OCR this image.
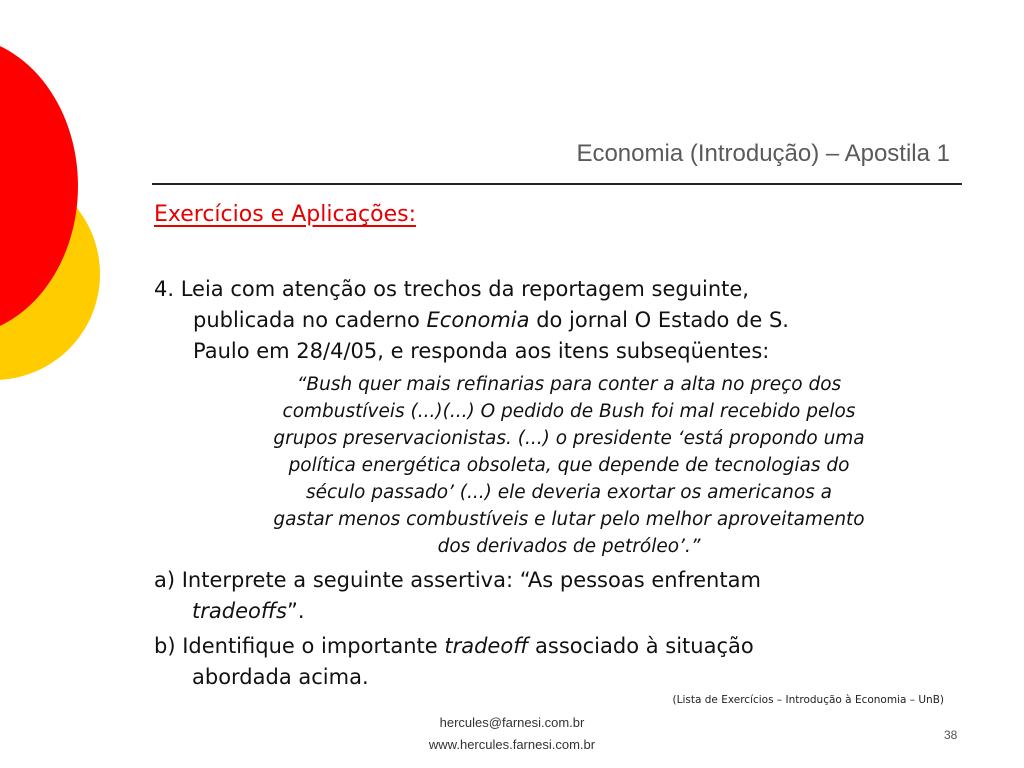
Economia (Introdução) – Apostila 1
Exercícios e Aplicações:
4. Leia com atenção os trechos da reportagem seguinte,
publicada no caderno Economia do jornal O Estado de S.
Paulo em 28/4/05, e responda aos itens subseqüentes:
“Bush quer mais refinarias para conter a alta no preço dos
combustíveis (...)(...) O pedido de Bush foi mal recebido pelos
grupos preservacionistas. (...) o presidente ‘está propondo uma
política energética obsoleta, que depende de tecnologias do
século passado’ (...) ele deveria exortar os americanos a
gastar menos combustíveis e lutar pelo melhor aproveitamento
dos derivados de petróleo’.”
a) Interprete a seguinte assertiva: “As pessoas enfrentam
tradeoffs”.
b) Identifique o importante tradeoff associado à situação
abordada acima.
(Lista de Exercícios – Introdução à Economia – UnB)
hercules@farnesi.com.br
www.hercules.farnesi.com.br
38
